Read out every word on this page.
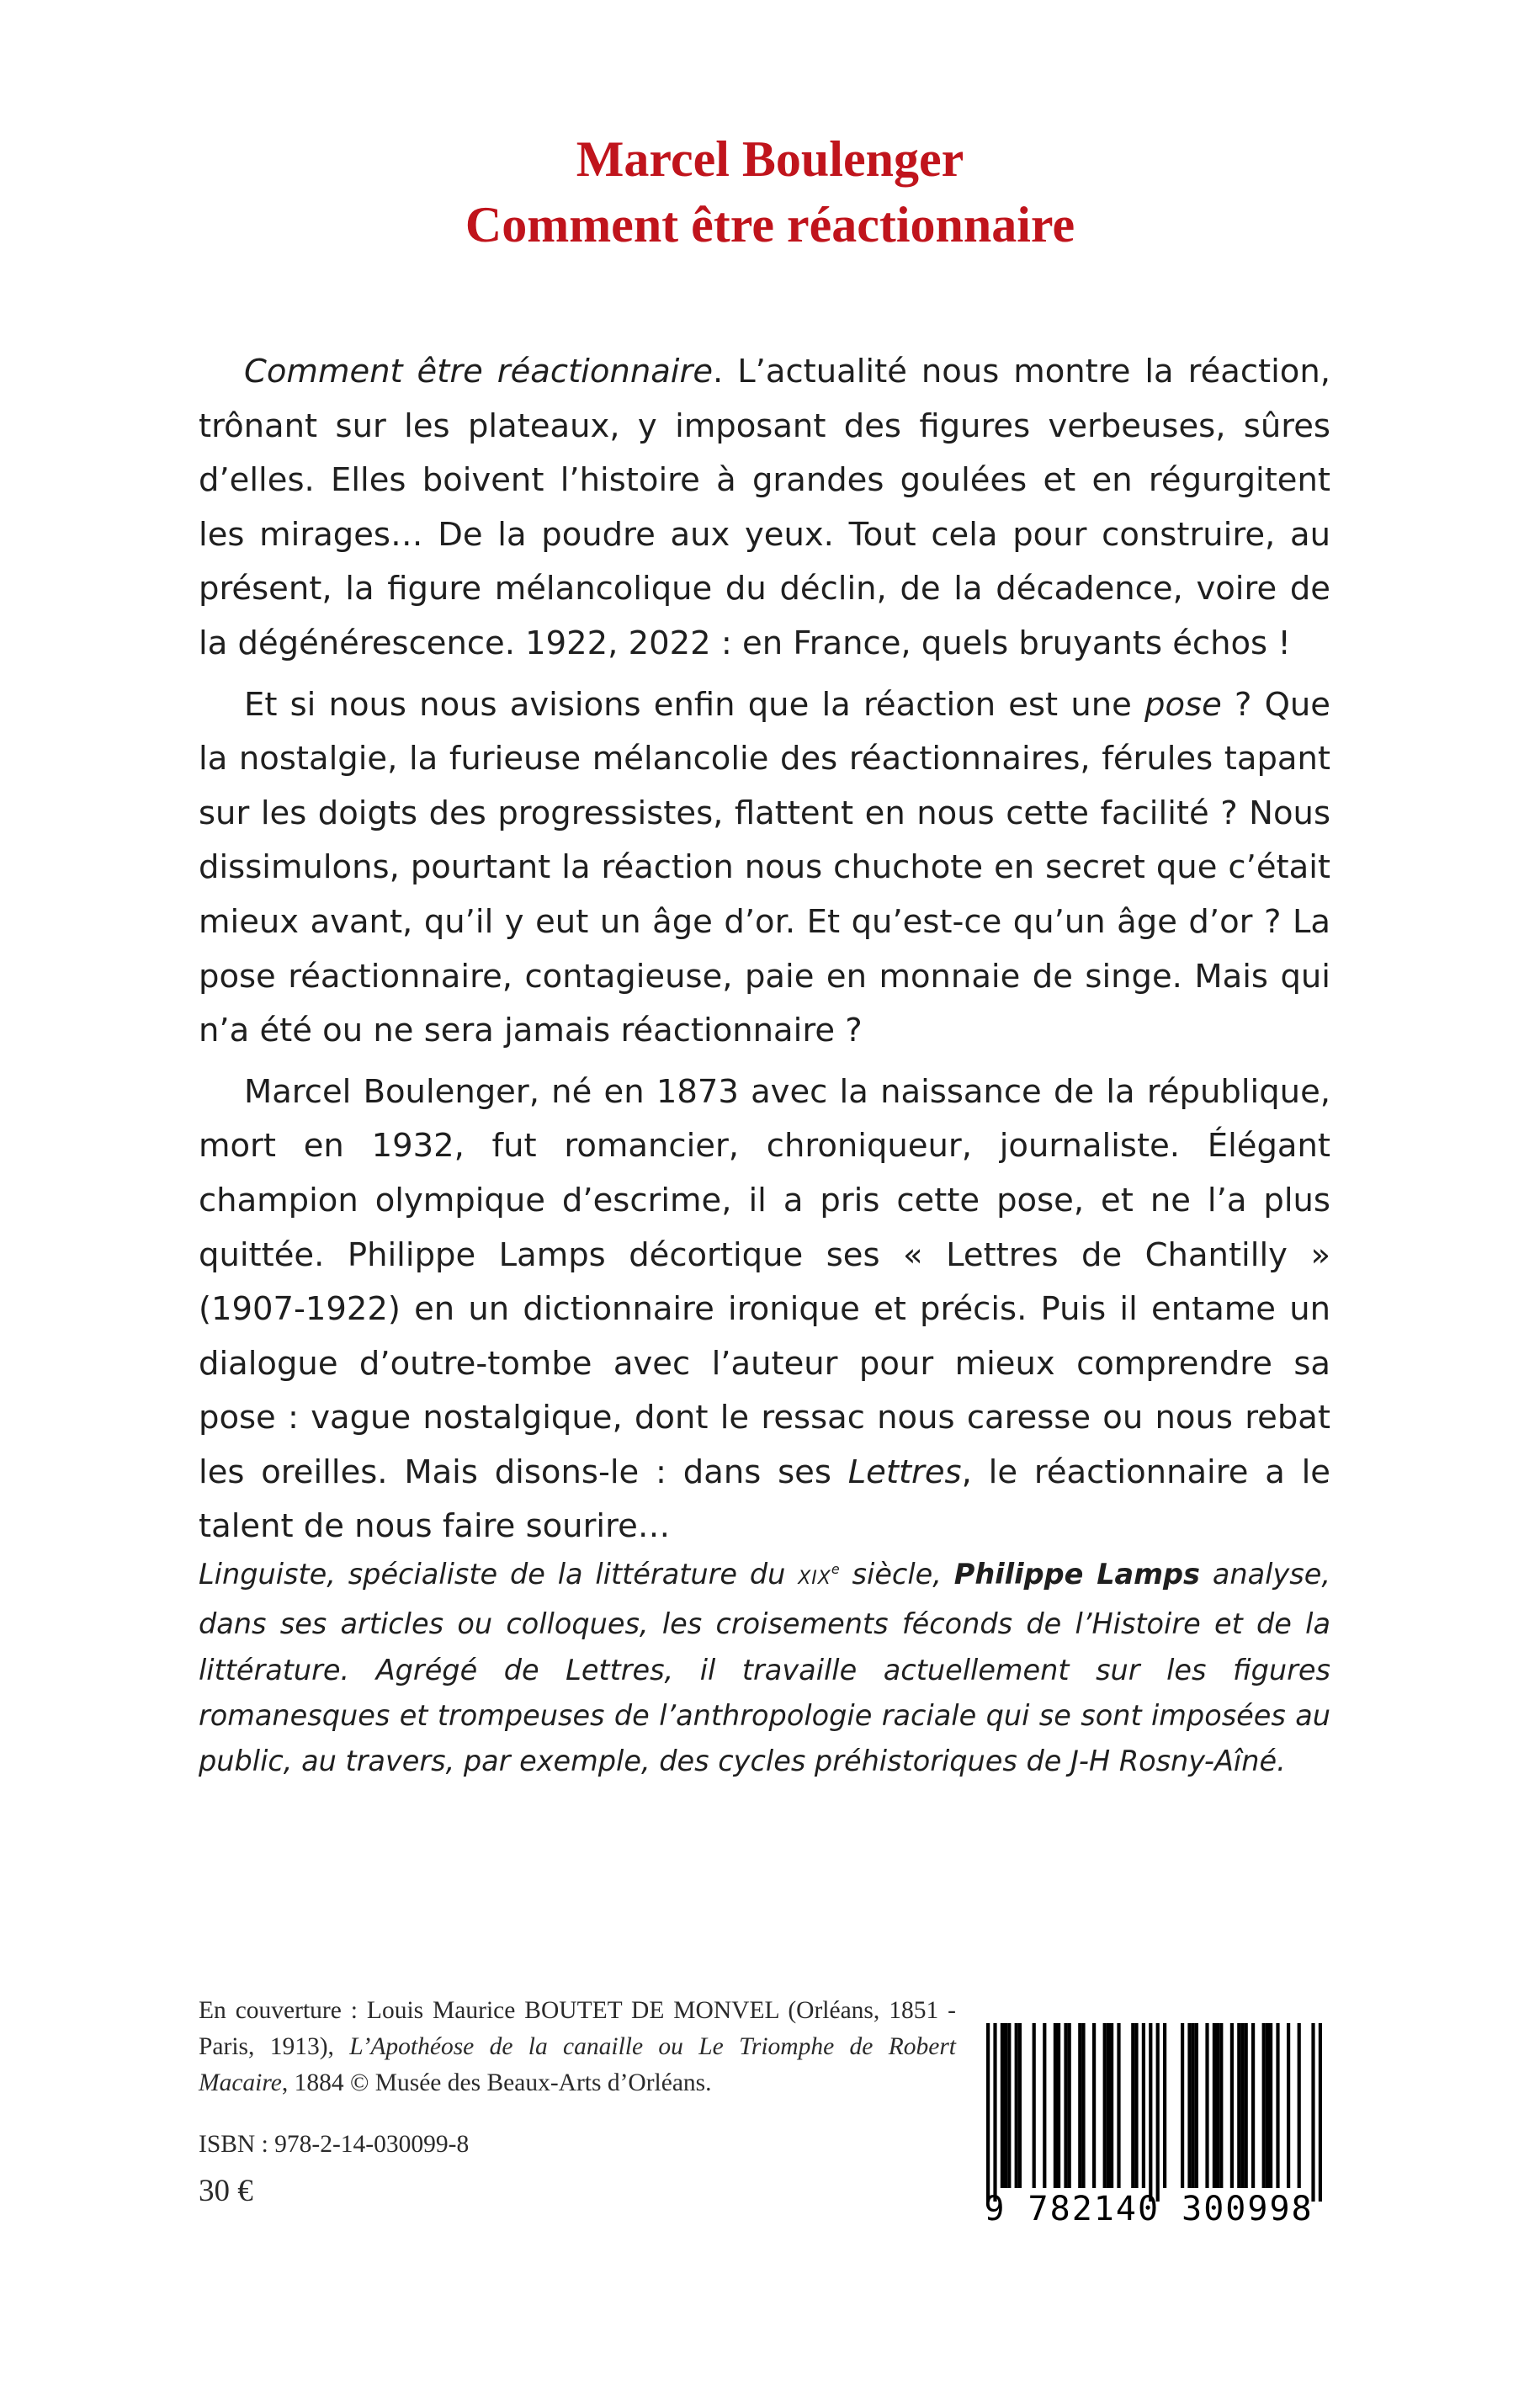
Marcel Boulenger
Comment être réactionnaire

Comment être réactionnaire. L’actualité nous montre la réaction, trônant sur les plateaux, y imposant des figures verbeuses, sûres d’elles. Elles boivent l’histoire à grandes goulées et en régurgitent les mirages… De la poudre aux yeux. Tout cela pour construire, au présent, la figure mélancolique du déclin, de la décadence, voire de la dégénérescence. 1922, 2022 : en France, quels bruyants échos !

Et si nous nous avisions enfin que la réaction est une pose ? Que la nostalgie, la furieuse mélancolie des réactionnaires, férules tapant sur les doigts des progressistes, flattent en nous cette facilité ? Nous dissimulons, pourtant la réaction nous chuchote en secret que c’était mieux avant, qu’il y eut un âge d’or. Et qu’est-ce qu’un âge d’or ? La pose réactionnaire, contagieuse, paie en monnaie de singe. Mais qui n’a été ou ne sera jamais réactionnaire ?

Marcel Boulenger, né en 1873 avec la naissance de la république, mort en 1932, fut romancier, chroniqueur, journaliste. Élégant champion olympique d’escrime, il a pris cette pose, et ne l’a plus quittée. Philippe Lamps décortique ses « Lettres de Chantilly » (1907-1922) en un dictionnaire ironique et précis. Puis il entame un dialogue d’outre-tombe avec l’auteur pour mieux comprendre sa pose : vague nostalgique, dont le ressac nous caresse ou nous rebat les oreilles. Mais disons-le : dans ses Lettres, le réactionnaire a le talent de nous faire sourire…

Linguiste, spécialiste de la littérature du XIXe siècle, Philippe Lamps analyse, dans ses articles ou colloques, les croisements féconds de l’Histoire et de la littérature. Agrégé de Lettres, il travaille actuellement sur les figures romanesques et trompeuses de l’anthropologie raciale qui se sont imposées au public, au travers, par exemple, des cycles préhistoriques de J-H Rosny-Aîné.
En couverture : Louis Maurice BOUTET DE MONVEL (Orléans, 1851 - Paris, 1913), L’Apothéose de la canaille ou Le Triomphe de Robert Macaire, 1884 © Musée des Beaux-Arts d’Orléans.
ISBN : 978-2-14-030099-8
30 €	9 782140 300998
